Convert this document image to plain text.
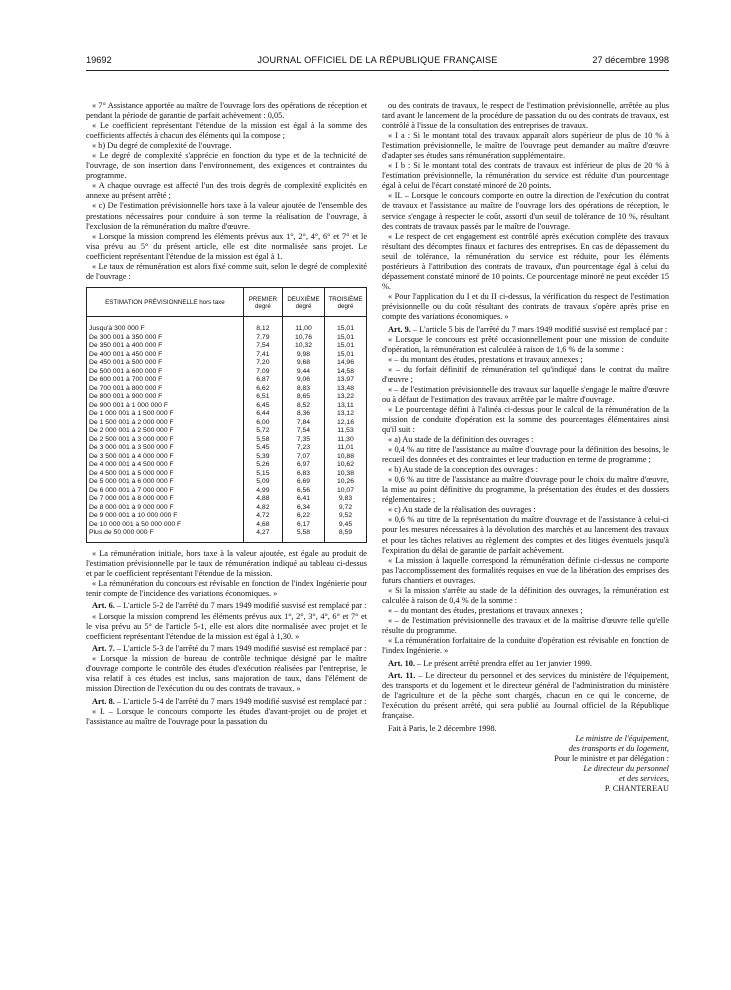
19692	JOURNAL OFFICIEL DE LA RÉPUBLIQUE FRANÇAISE	27 décembre 1998

« 7° Assistance apportée au maître de l'ouvrage lors des opérations de réception et pendant la période de garantie de parfait achèvement : 0,05.

« Le coefficient représentant l'étendue de la mission est égal à la somme des coefficients affectés à chacun des éléments qui la compose ;

« b) Du degré de complexité de l'ouvrage.

« Le degré de complexité s'apprécie en fonction du type et de la technicité de l'ouvrage, de son insertion dans l'environnement, des exigences et contraintes du programme.

« A chaque ouvrage est affecté l'un des trois degrés de complexité explicités en annexe au présent arrêté ;

« c) De l'estimation prévisionnelle hors taxe à la valeur ajoutée de l'ensemble des prestations nécessaires pour conduire à son terme la réalisation de l'ouvrage, à l'exclusion de la rémunération du maître d'œuvre.

« Lorsque la mission comprend les éléments prévus aux 1°, 2°, 4°, 6° et 7° et le visa prévu au 5° du présent article, elle est dite normalisée sans projet. Le coefficient représentant l'étendue de la mission est égal à 1.

« Le taux de rémunération est alors fixé comme suit, selon le degré de complexité de l'ouvrage :

ESTIMATION PRÉVISIONNELLE hors taxe	PREMIER degré	DEUXIÈME degré	TROISIÈME degré
Jusqu'à 300 000 F	8,12	11,00	15,01
De 300 001 à 350 000 F	7,79	10,76	15,01
De 350 001 à 400 000 F	7,54	10,32	15,01
De 400 001 à 450 000 F	7,41	9,98	15,01
De 450 001 à 500 000 F	7,20	9,68	14,96
De 500 001 à 600 000 F	7,09	9,44	14,58
De 600 001 à 700 000 F	6,87	9,06	13,97
De 700 001 à 800 000 F	6,62	8,83	13,48
De 800 001 à 900 000 F	6,51	8,65	13,22
De 900 001 à 1 000 000 F	6,45	8,52	13,11
De 1 000 001 à 1 500 000 F	6,44	8,36	13,12
De 1 500 001 à 2 000 000 F	6,00	7,84	12,16
De 2 000 001 à 2 500 000 F	5,72	7,54	11,53
De 2 500 001 à 3 000 000 F	5,58	7,35	11,30
De 3 000 001 à 3 500 000 F	5,45	7,23	11,01
De 3 500 001 à 4 000 000 F	5,39	7,07	10,88
De 4 000 001 à 4 500 000 F	5,26	6,97	10,62
De 4 500 001 à 5 000 000 F	5,15	6,83	10,38
De 5 000 001 à 6 000 000 F	5,09	6,69	10,26
De 6 000 001 à 7 000 000 F	4,99	6,56	10,07
De 7 000 001 à 8 000 000 F	4,88	6,41	9,83
De 8 000 001 à 9 000 000 F	4,82	6,34	9,72
De 9 000 001 à 10 000 000 F	4,72	6,22	9,52
De 10 000 001 à 50 000 000 F	4,68	6,17	9,45
Plus de 50 000 000 F	4,27	5,58	8,59

« La rémunération initiale, hors taxe à la valeur ajoutée, est égale au produit de l'estimation prévisionnelle par le taux de rémunération indiqué au tableau ci-dessus et par le coefficient représentant l'étendue de la mission.

« La rémunération du concours est révisable en fonction de l'index Ingénierie pour tenir compte de l'incidence des variations économiques. »

Art. 6. – L'article 5-2 de l'arrêté du 7 mars 1949 modifié susvisé est remplacé par :

« Lorsque la mission comprend les éléments prévus aux 1°, 2°, 3°, 4°, 6° et 7° et le visa prévu au 5° de l'article 5-1, elle est alors dite normalisée avec projet et le coefficient représentant l'étendue de la mission est égal à 1,30. »

Art. 7. – L'article 5-3 de l'arrêté du 7 mars 1949 modifié susvisé est remplacé par :

« Lorsque la mission de bureau de contrôle technique désigné par le maître d'ouvrage comporte le contrôle des études d'exécution réalisées par l'entreprise, le visa relatif à ces études est inclus, sans majoration de taux, dans l'élément de mission Direction de l'exécution du ou des contrats de travaux. »

Art. 8. – L'article 5-4 de l'arrêté du 7 mars 1949 modifié susvisé est remplacé par :

« I. – Lorsque le concours comporte les études d'avant-projet ou de projet et l'assistance au maître de l'ouvrage pour la passation du

ou des contrats de travaux, le respect de l'estimation prévisionnelle, arrêtée au plus tard avant le lancement de la procédure de passation du ou des contrats de travaux, est contrôlé à l'issue de la consultation des entreprises de travaux.

« I a : Si le montant total des travaux apparaît alors supérieur de plus de 10 % à l'estimation prévisionnelle, le maître de l'ouvrage peut demander au maître d'œuvre d'adapter ses études sans rémunération supplémentaire.

« I b : Si le montant total des contrats de travaux est inférieur de plus de 20 % à l'estimation prévisionnelle, la rémunération du service est réduite d'un pourcentage égal à celui de l'écart constaté minoré de 20 points.

« II. – Lorsque le concours comporte en outre la direction de l'exécution du contrat de travaux et l'assistance au maître de l'ouvrage lors des opérations de réception, le service s'engage à respecter le coût, assorti d'un seuil de tolérance de 10 %, résultant des contrats de travaux passés par le maître de l'ouvrage.

« Le respect de cet engagement est contrôlé après exécution complète des travaux résultant des décomptes finaux et factures des entreprises. En cas de dépassement du seuil de tolérance, la rémunération du service est réduite, pour les éléments postérieurs à l'attribution des contrats de travaux, d'un pourcentage égal à celui du dépassement constaté minoré de 10 points. Ce pourcentage minoré ne peut excéder 15 %.

« Pour l'application du I et du II ci-dessus, la vérification du respect de l'estimation prévisionnelle ou du coût résultant des contrats de travaux s'opère après prise en compte des variations économiques. »

Art. 9. – L'article 5 bis de l'arrêté du 7 mars 1949 modifié susvisé est remplacé par :

« Lorsque le concours est prêté occasionnellement pour une mission de conduite d'opération, la rémunération est calculée à raison de 1,6 % de la somme :

« – du montant des études, prestations et travaux annexes ;

« – du forfait définitif de rémunération tel qu'indiqué dans le contrat du maître d'œuvre ;

« – de l'estimation prévisionnelle des travaux sur laquelle s'engage le maître d'œuvre ou à défaut de l'estimation des travaux arrêtée par le maître d'ouvrage.

« Le pourcentage défini à l'alinéa ci-dessus pour le calcul de la rémunération de la mission de conduite d'opération est la somme des pourcentages élémentaires ainsi qu'il suit :

« a) Au stade de la définition des ouvrages :

« 0,4 % au titre de l'assistance au maître d'ouvrage pour la définition des besoins, le recueil des données et des contraintes et leur traduction en terme de programme ;

« b) Au stade de la conception des ouvrages :

« 0,6 % au titre de l'assistance au maître d'ouvrage pour le choix du maître d'œuvre, la mise au point définitive du programme, la présentation des études et des dossiers réglementaires ;

« c) Au stade de la réalisation des ouvrages :

« 0,6 % au titre de la représentation du maître d'ouvrage et de l'assistance à celui-ci pour les mesures nécessaires à la dévolution des marchés et au lancement des travaux et pour les tâches relatives au règlement des comptes et des litiges éventuels jusqu'à l'expiration du délai de garantie de parfait achèvement.

« La mission à laquelle correspond la rémunération définie ci-dessus ne comporte pas l'accomplissement des formalités requises en vue de la libération des emprises des futurs chantiers et ouvrages.

« Si la mission s'arrête au stade de la définition des ouvrages, la rémunération est calculée à raison de 0,4 % de la somme :

« – du montant des études, prestations et travaux annexes ;

« – de l'estimation prévisionnelle des travaux et de la maîtrise d'œuvre telle qu'elle résulte du programme.

« La rémunération forfaitaire de la conduite d'opération est révisable en fonction de l'index Ingénierie. »

Art. 10. – Le présent arrêté prendra effet au 1er janvier 1999.

Art. 11. – Le directeur du personnel et des services du ministère de l'équipement, des transports et du logement et le directeur général de l'administration du ministère de l'agriculture et de la pêche sont chargés, chacun en ce qui le concerne, de l'exécution du présent arrêté, qui sera publié au Journal officiel de la République française.

Fait à Paris, le 2 décembre 1998.

Le ministre de l'équipement,
des transports et du logement,
Pour le ministre et par délégation :
Le directeur du personnel
et des services,
P. CHANTEREAU
